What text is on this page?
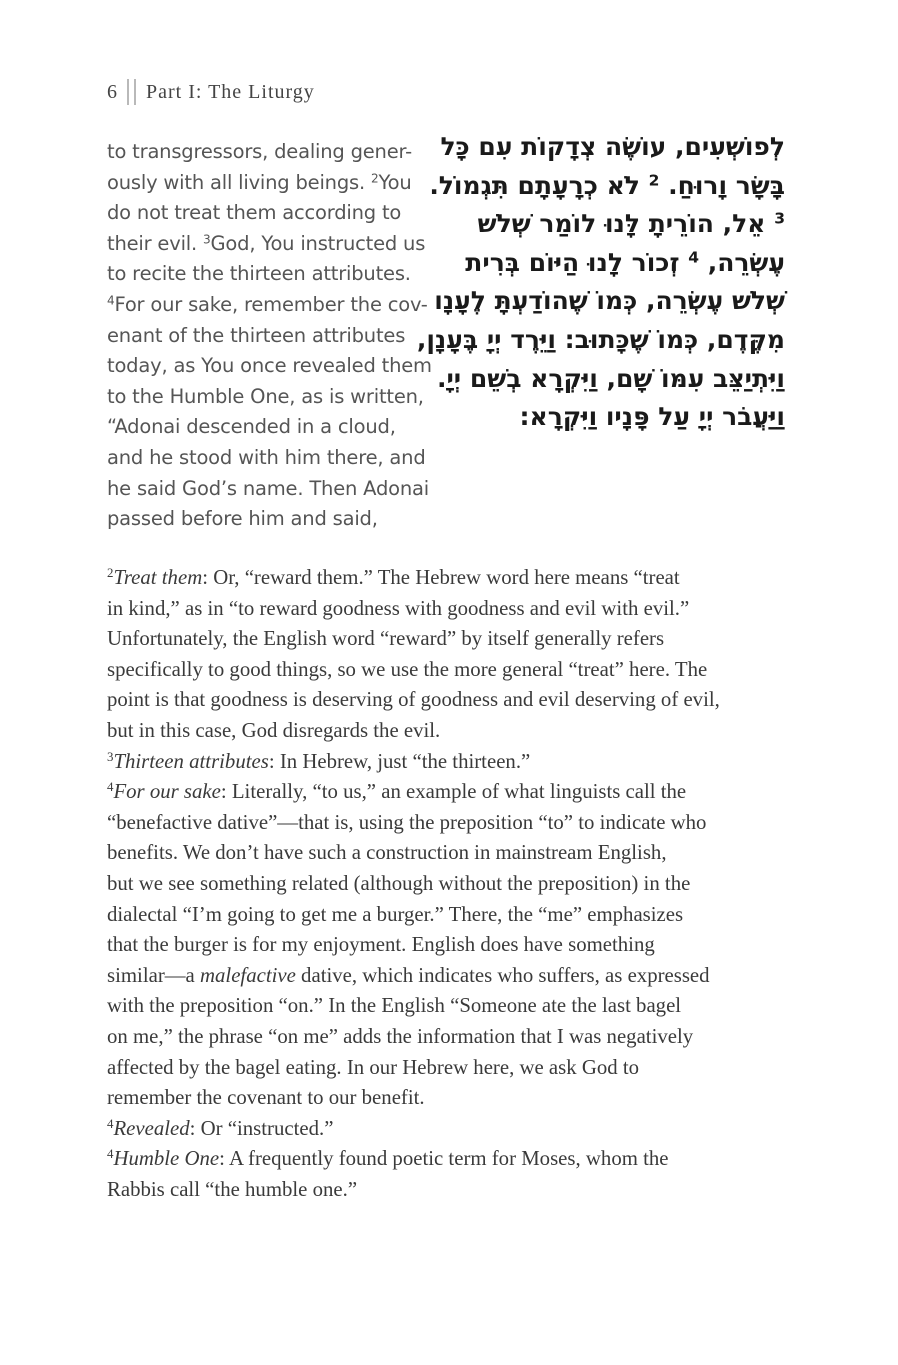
6 Part I: The Liturgy
to transgressors, dealing gener-
ously with all living beings. $^2$You
do not treat them according to
their evil. $^3$God, You instructed us
to recite the thirteen attributes.
$^4$For our sake, remember the cov-
enant of the thirteen attributes
today, as You once revealed them
to the Humble One, as is written,
“Adonai descended in a cloud,
and he stood with him there, and
he said God’s name. Then Adonai
passed before him and said,
לְפוֹשְׁעִים, עוֹשֶׂה צְדָקוֹת עִם כָּל
בָּשָׂר וָרוּחַ. $^2$ לֹא כְרָעָתָם תִּגְמוֹל.
$^3$ אֵל, הוֹרֵיתָ לָּנוּ לוֹמַר שְׁלֹשׁ
עֶשְׂרֵה, $^4$ זְכוֹר לָנוּ הַיּוֹם בְּרִית
שְׁלֹשׁ עֶשְׂרֵה, כְּמוֹ שֶׁהוֹדַעְתָּ לֶעָנָו
מִקֶּדֶם, כְּמוֹ שֶׁכָּתוּב: וַיֵּרֶד יְיָ בֶּעָנָן,
וַיִּתְיַצֵּב עִמּוֹ שָׁם, וַיִּקְרָא בְשֵׁם יְיָ.
וַיַּעֲבֹר יְיָ עַל פָּנָיו וַיִּקְרָא:
$^2$Treat them: Or, “reward them.” The Hebrew word here means “treat
in kind,” as in “to reward goodness with goodness and evil with evil.”
Unfortunately, the English word “reward” by itself generally refers
specifically to good things, so we use the more general “treat” here. The
point is that goodness is deserving of goodness and evil deserving of evil,
but in this case, God disregards the evil.
$^3$Thirteen attributes: In Hebrew, just “the thirteen.”
$^4$For our sake: Literally, “to us,” an example of what linguists call the
“benefactive dative”—that is, using the preposition “to” to indicate who
benefits. We don’t have such a construction in mainstream English,
but we see something related (although without the preposition) in the
dialectal “I’m going to get me a burger.” There, the “me” emphasizes
that the burger is for my enjoyment. English does have something
similar—a malefactive dative, which indicates who suffers, as expressed
with the preposition “on.” In the English “Someone ate the last bagel
on me,” the phrase “on me” adds the information that I was negatively
affected by the bagel eating. In our Hebrew here, we ask God to
remember the covenant to our benefit.
$^4$Revealed: Or “instructed.”
$^4$Humble One: A frequently found poetic term for Moses, whom the
Rabbis call “the humble one.”
